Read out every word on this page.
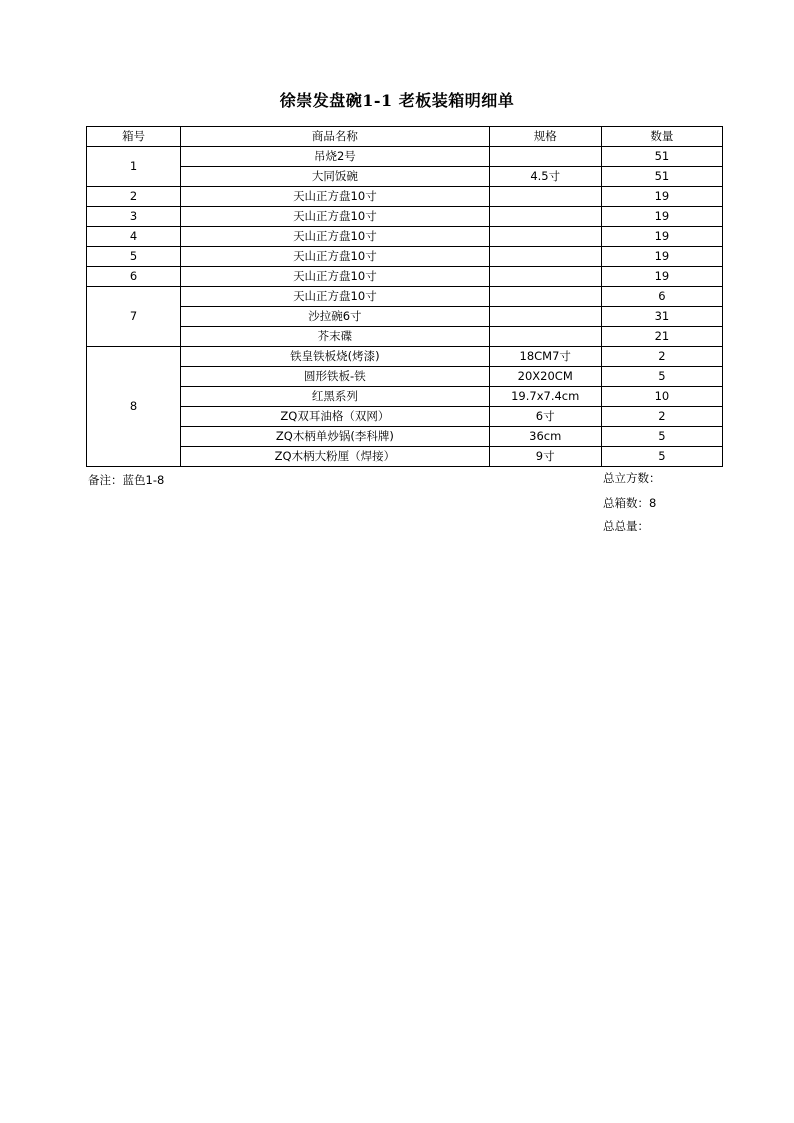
徐崇发盘碗1-1 老板装箱明细单
箱号	商品名称	规格	数量
1	吊烧2号		51
	大同饭碗	4.5寸	51
2	天山正方盘10寸		19
3	天山正方盘10寸		19
4	天山正方盘10寸		19
5	天山正方盘10寸		19
6	天山正方盘10寸		19
7	天山正方盘10寸		6
	沙拉碗6寸		31
	芥末碟		21
8	铁皇铁板烧(烤漆)	18CM7寸	2
	圆形铁板-铁	20X20CM	5
	红黑系列	19.7x7.4cm	10
	ZQ双耳油格（双网）	6寸	2
	ZQ木柄单炒锅(李科牌)	36cm	5
	ZQ木柄大粉厘（焊接）	9寸	5
备注：蓝色1-8	总立方数：
总箱数：8
总总量：
